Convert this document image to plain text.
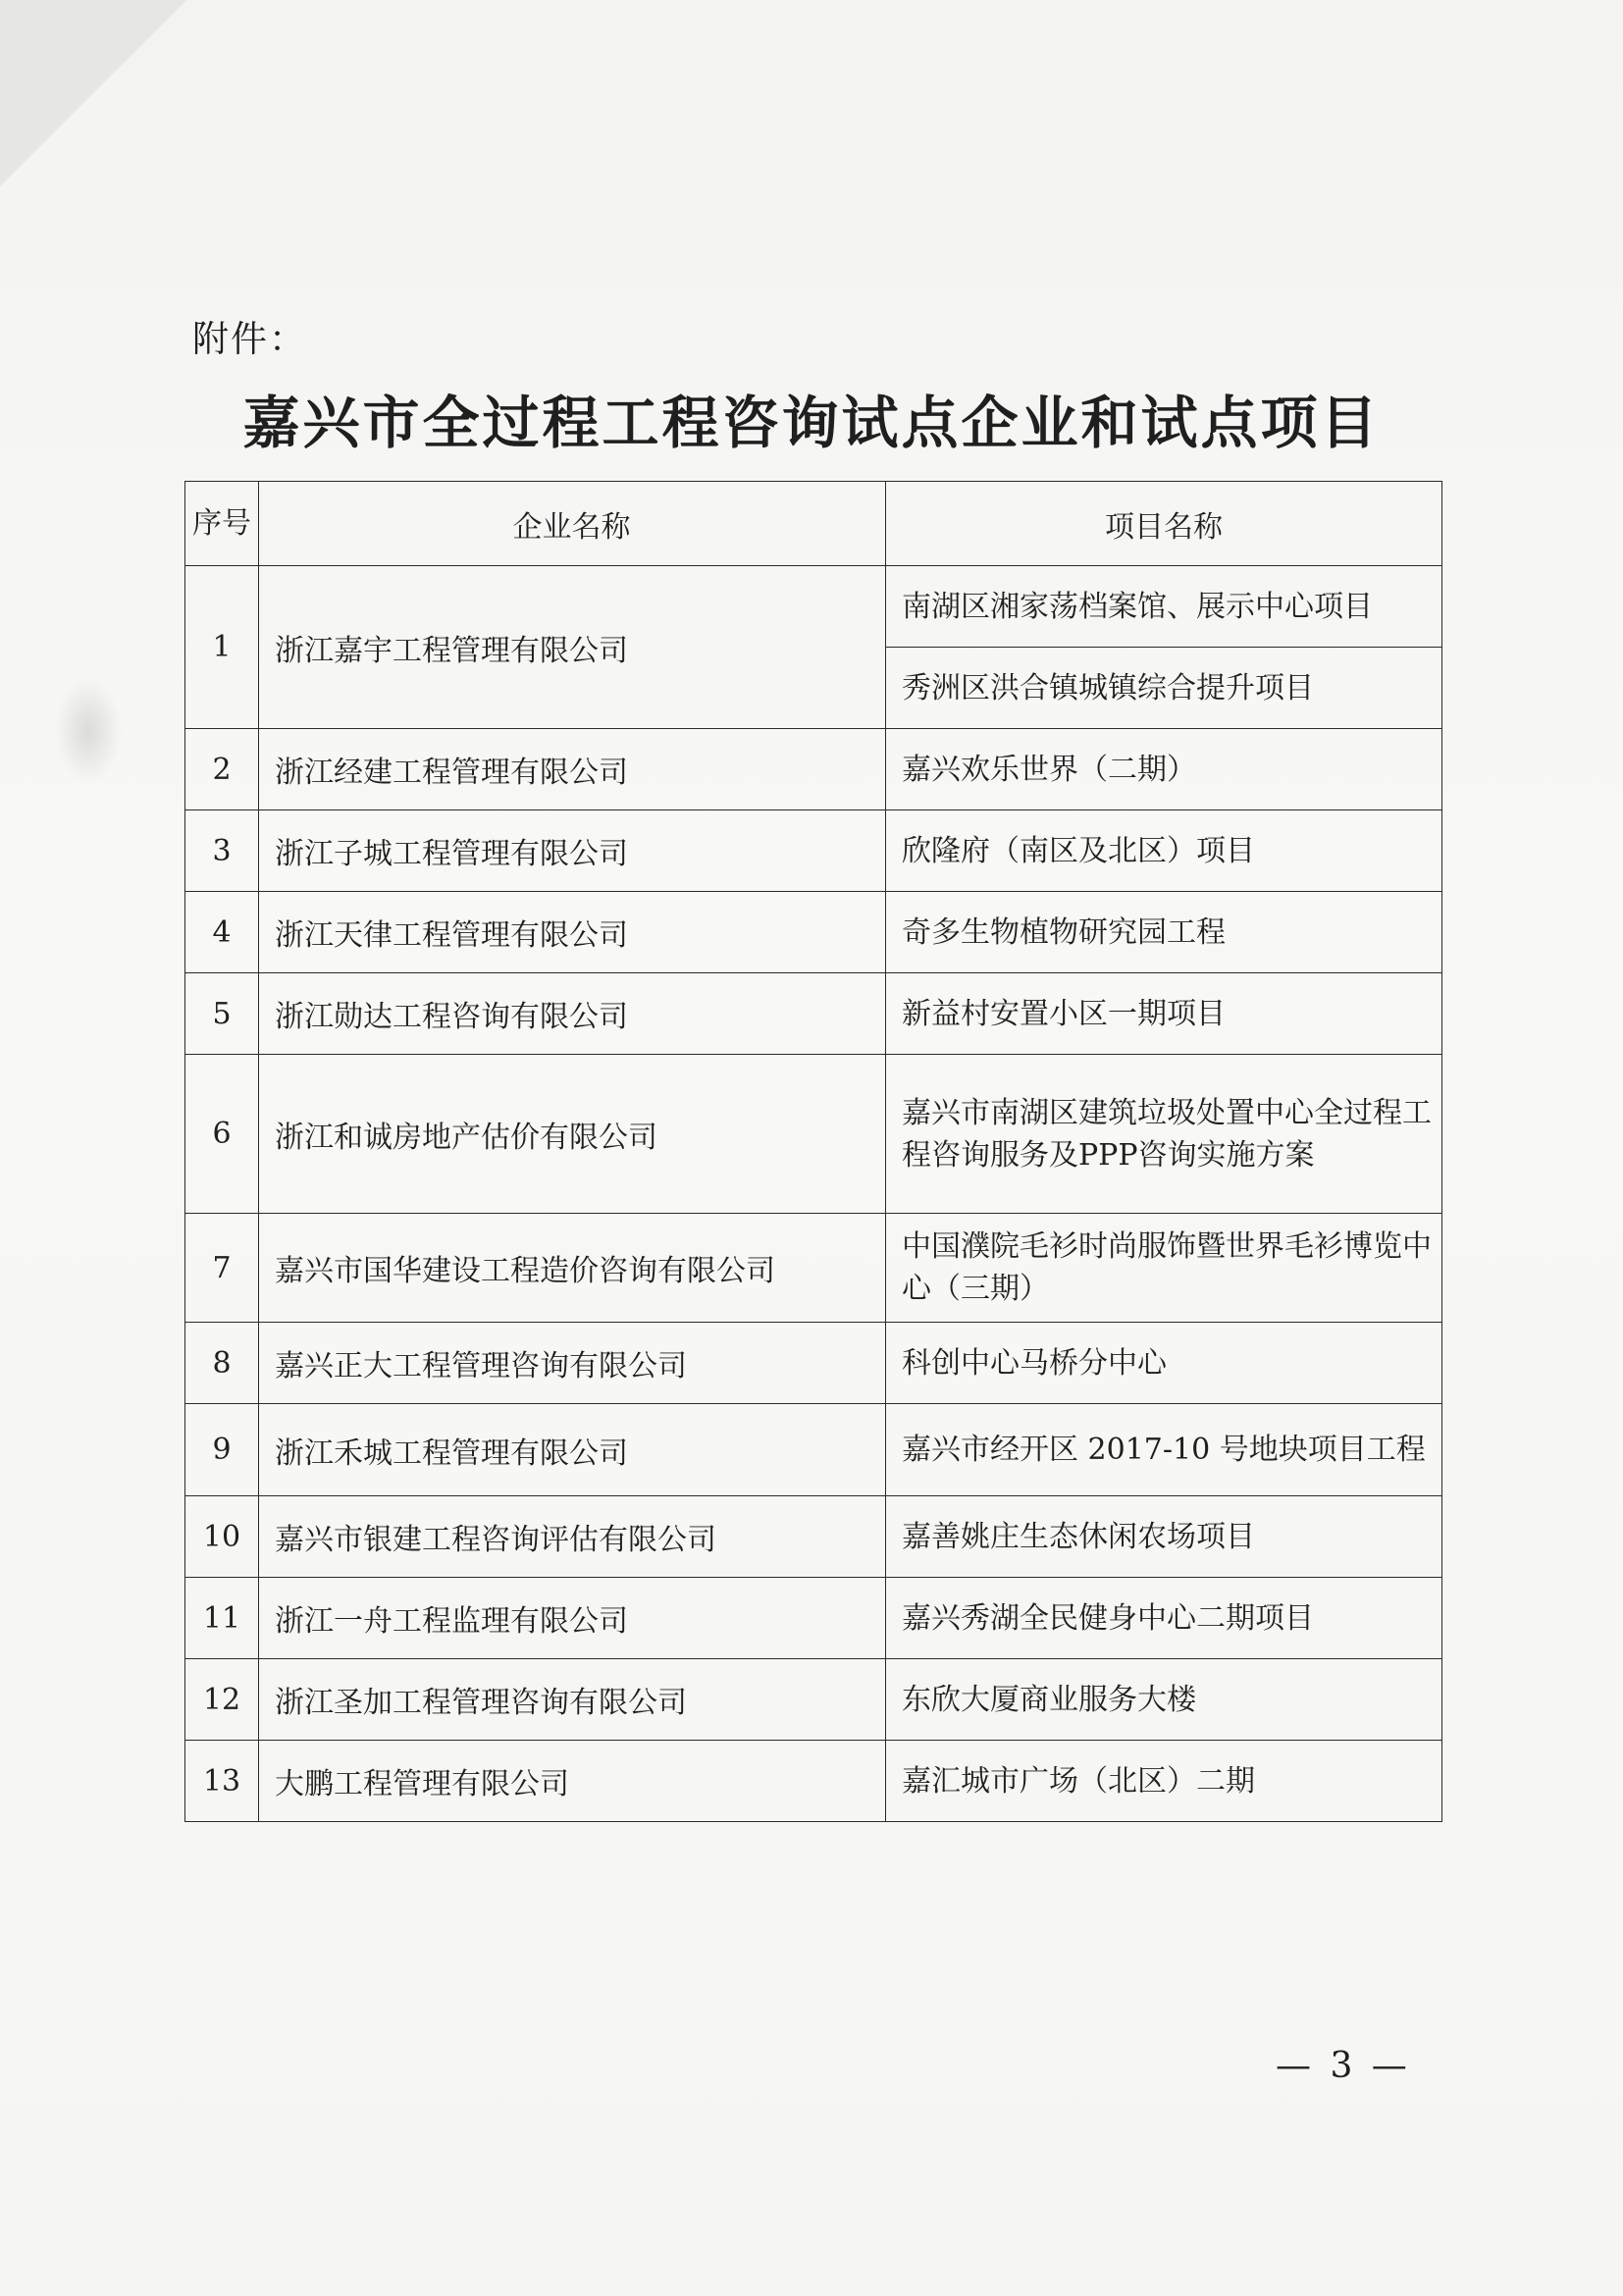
附件：
嘉兴市全过程工程咨询试点企业和试点项目
序号	企业名称	项目名称
1	浙江嘉宇工程管理有限公司	南湖区湘家荡档案馆、展示中心项目
		秀洲区洪合镇城镇综合提升项目
2	浙江经建工程管理有限公司	嘉兴欢乐世界（二期）
3	浙江子城工程管理有限公司	欣隆府（南区及北区）项目
4	浙江天律工程管理有限公司	奇多生物植物研究园工程
5	浙江勋达工程咨询有限公司	新益村安置小区一期项目
6	浙江和诚房地产估价有限公司	嘉兴市南湖区建筑垃圾处置中心全过程工程咨询服务及PPP咨询实施方案
7	嘉兴市国华建设工程造价咨询有限公司	中国濮院毛衫时尚服饰暨世界毛衫博览中心（三期）
8	嘉兴正大工程管理咨询有限公司	科创中心马桥分中心
9	浙江禾城工程管理有限公司	嘉兴市经开区 2017-10 号地块项目工程
10	嘉兴市银建工程咨询评估有限公司	嘉善姚庄生态休闲农场项目
11	浙江一舟工程监理有限公司	嘉兴秀湖全民健身中心二期项目
12	浙江圣加工程管理咨询有限公司	东欣大厦商业服务大楼
13	大鹏工程管理有限公司	嘉汇城市广场（北区）二期
— 3 —
